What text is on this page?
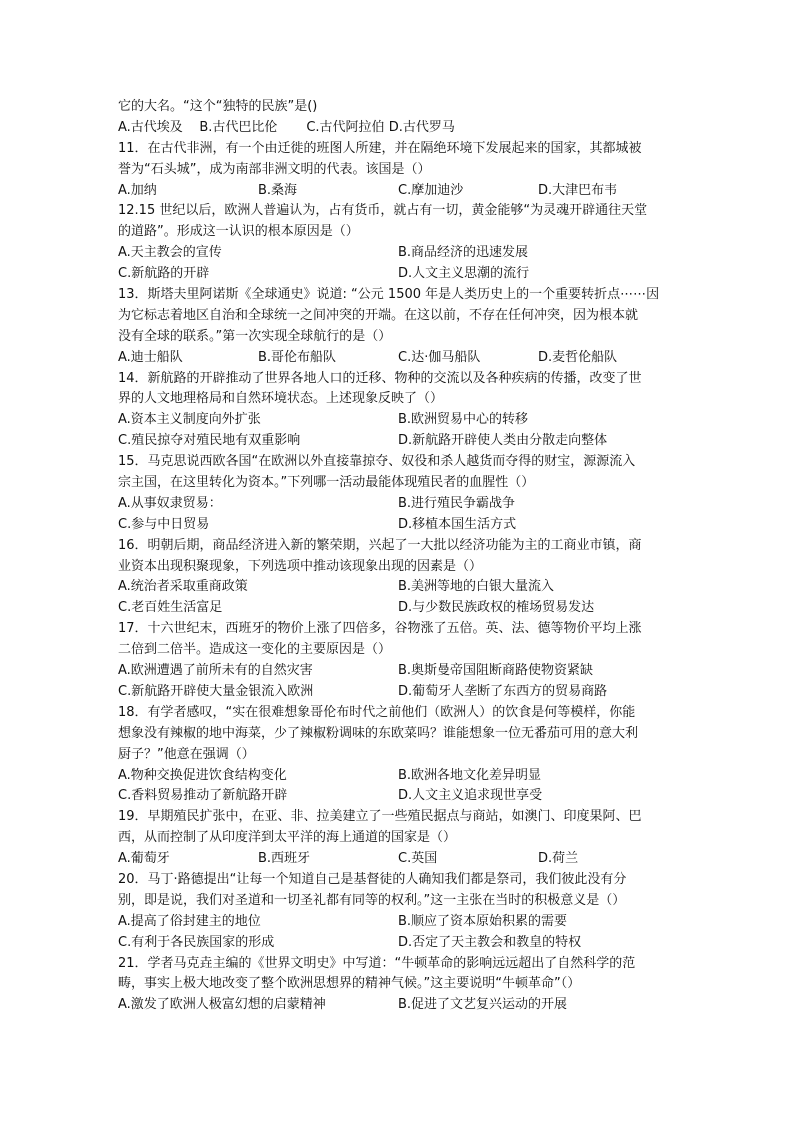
它的大名。“这个“独特的民族”是()
A.古代埃及 B.古代巴比伦 C.古代阿拉伯 D.古代罗马
11．在古代非洲，有一个由迁徙的班图人所建，并在隔绝环境下发展起来的国家，其都城被
誉为“石头城”，成为南部非洲文明的代表。该国是（）
A.加纳	B.桑海	C.摩加迪沙	D.大津巴布韦
12.15 世纪以后，欧洲人普遍认为，占有货币，就占有一切，黄金能够“为灵魂开辟通往天堂
的道路”。形成这一认识的根本原因是（）
A.天主教会的宣传	B.商品经济的迅速发展
C.新航路的开辟	D.人文主义思潮的流行
13．斯塔夫里阿诺斯《全球通史》说道: “公元 1500 年是人类历史上的一个重要转折点⋯⋯因
为它标志着地区自治和全球统一之间冲突的开端。在这以前，不存在任何冲突，因为根本就
没有全球的联系。”第一次实现全球航行的是（）
A.迪士船队	B.哥伦布船队	C.达·伽马船队	D.麦哲伦船队
14．新航路的开辟推动了世界各地人口的迁移、物种的交流以及各种疾病的传播，改变了世
界的人文地理格局和自然环境状态。上述现象反映了（）
A.资本主义制度向外扩张	B.欧洲贸易中心的转移
C.殖民掠夺对殖民地有双重影响	D.新航路开辟使人类由分散走向整体
15．马克思说西欧各国“在欧洲以外直接靠掠夺、奴役和杀人越货而夺得的财宝，源源流入
宗主国，在这里转化为资本。”下列哪一活动最能体现殖民者的血腥性（）
A.从事奴隶贸易：	B.进行殖民争霸战争
C.参与中日贸易	D.移植本国生活方式
16．明朝后期，商品经济进入新的繁荣期，兴起了一大批以经济功能为主的工商业市镇，商
业资本出现积聚现象，下列选项中推动该现象出现的因素是（）
A.统治者采取重商政策	B.美洲等地的白银大量流入
C.老百姓生活富足	D.与少数民族政权的榷场贸易发达
17．十六世纪末，西班牙的物价上涨了四倍多，谷物涨了五倍。英、法、德等物价平均上涨
二倍到二倍半。造成这一变化的主要原因是（）
A.欧洲遭遇了前所未有的自然灾害	B.奥斯曼帝国阻断商路使物资紧缺
C.新航路开辟使大量金银流入欧洲	D.葡萄牙人垄断了东西方的贸易商路
18．有学者感叹，“实在很难想象哥伦布时代之前他们（欧洲人）的饮食是何等模样，你能
想象没有辣椒的地中海菜，少了辣椒粉调味的东欧菜吗？谁能想象一位无番茄可用的意大利
厨子？”他意在强调（）
A.物种交换促进饮食结构变化	B.欧洲各地文化差异明显
C.香料贸易推动了新航路开辟	D.人文主义追求现世享受
19．早期殖民扩张中，在亚、非、拉美建立了一些殖民据点与商站，如澳门、印度果阿、巴
西，从而控制了从印度洋到太平洋的海上通道的国家是（）
A.葡萄牙	B.西班牙	C.英国	D.荷兰
20．马丁·路德提出“让每一个知道自己是基督徒的人确知我们都是祭司，我们彼此没有分
别，即是说，我们对圣道和一切圣礼都有同等的权利。”这一主张在当时的积极意义是（）
A.提高了俗封建主的地位	B.顺应了资本原始积累的需要
C.有利于各民族国家的形成	D.否定了天主教会和教皇的特权
21．学者马克垚主编的《世界文明史》中写道：“牛顿革命的影响远远超出了自然科学的范
畴，事实上极大地改变了整个欧洲思想界的精神气候。”这主要说明“牛顿革命”（）
A.激发了欧洲人极富幻想的启蒙精神	B.促进了文艺复兴运动的开展
